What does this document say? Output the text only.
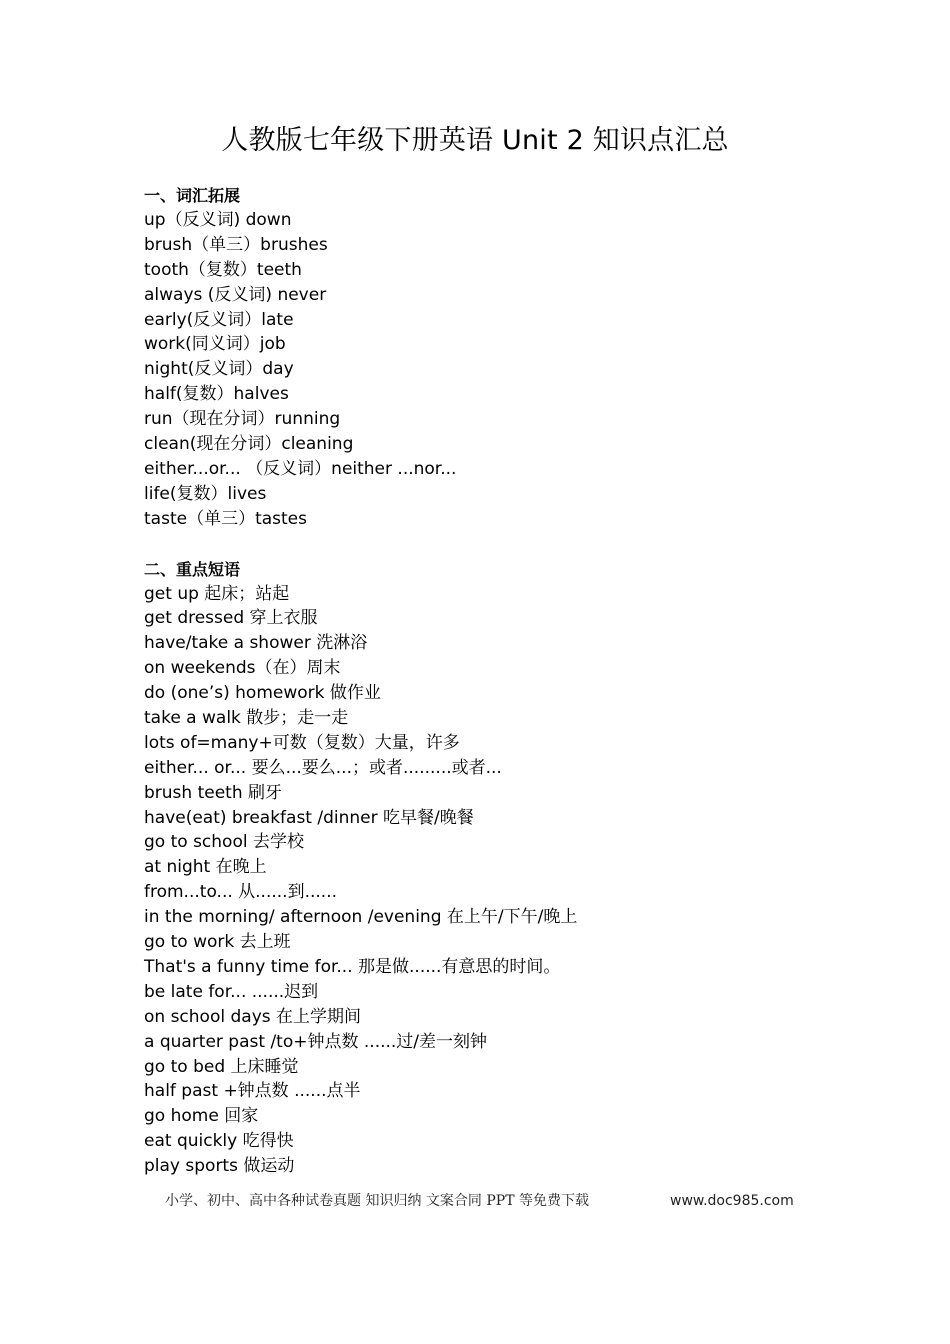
人教版七年级下册英语 Unit 2 知识点汇总
一、词汇拓展
up（反义词) down
brush（单三）brushes
tooth（复数）teeth
always (反义词) never
early(反义词）late
work(同义词）job
night(反义词）day
half(复数）halves
run（现在分词）running
clean(现在分词）cleaning
either...or... （反义词）neither ...nor...
life(复数）lives
taste（单三）tastes
二、重点短语
get up 起床；站起
get dressed 穿上衣服
have/take a shower 洗淋浴
on weekends（在）周末
do (one’s) homework 做作业
take a walk 散步；走一走
lots of=many+可数（复数）大量，许多
either... or... 要么...要么...；或者.........或者...
brush teeth 刷牙
have(eat) breakfast /dinner 吃早餐/晚餐
go to school 去学校
at night 在晚上
from...to... 从......到......
in the morning/ afternoon /evening 在上午/下午/晚上
go to work 去上班
That's a funny time for... 那是做......有意思的时间。
be late for... ......迟到
on school days 在上学期间
a quarter past /to+钟点数 ......过/差一刻钟
go to bed 上床睡觉
half past +钟点数 ......点半
go home 回家
eat quickly 吃得快
play sports 做运动
小学、初中、高中各种试卷真题 知识归纳 文案合同 PPT 等免费下载	www.doc985.com
